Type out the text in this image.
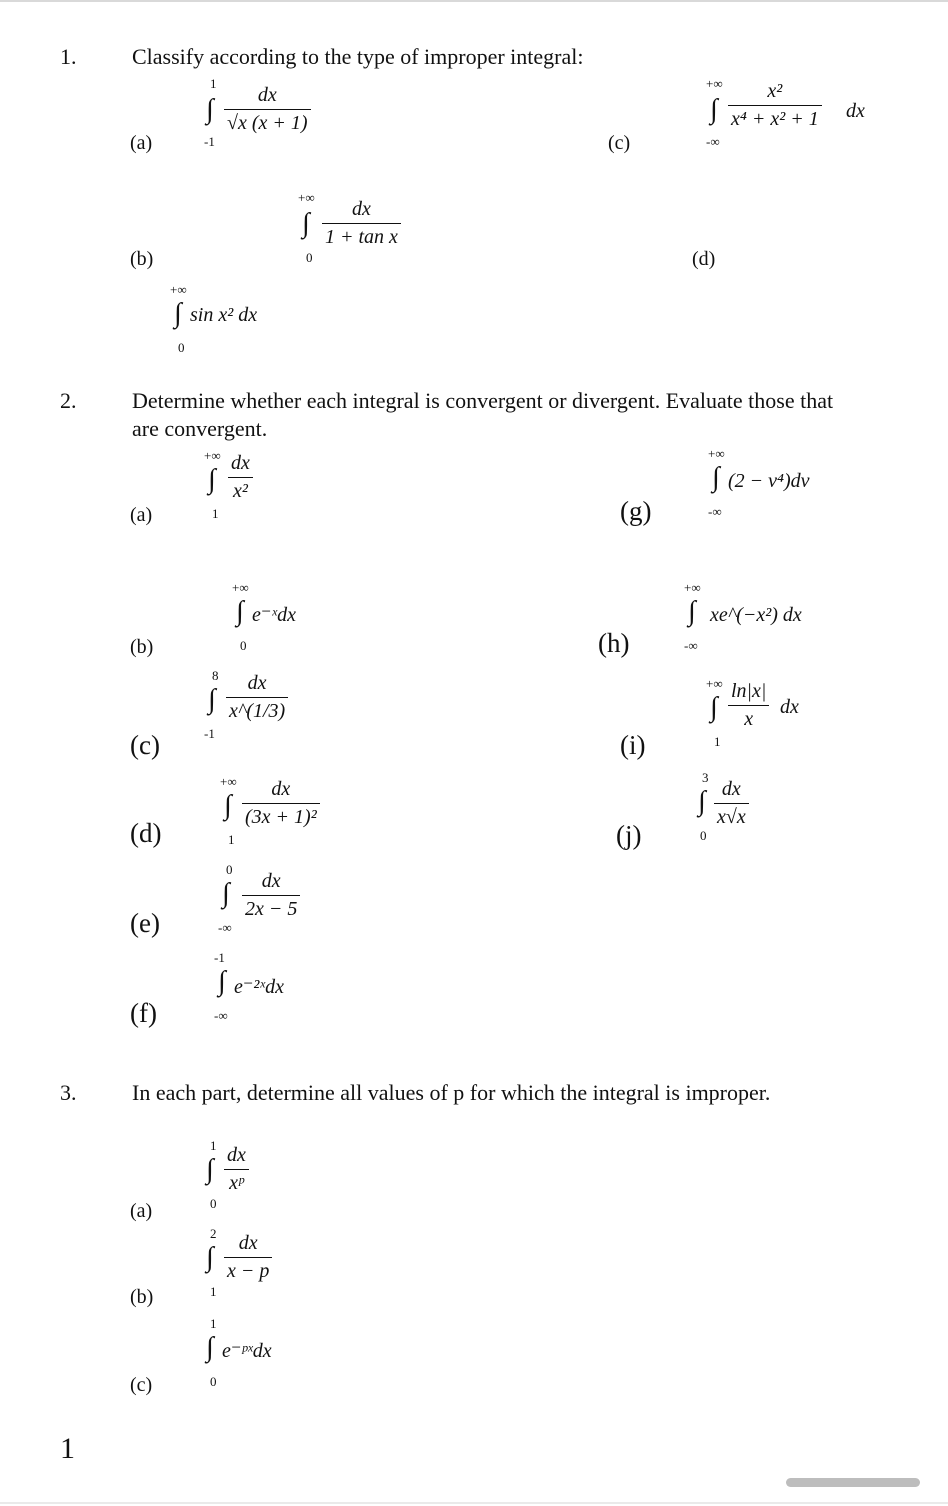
1.	Classify according to the type of improper integral:
(a)
1
∫
-1
$\frac{dx}{√x (x + 1)}$
(c)
+∞
∫
-∞
$\frac{\text{x²}}{\text{x⁴ + x² + 1}}$ dx
(b)
+∞
∫
0
$\frac{dx}{\text{1 + tan x}}$
(d)
+∞
∫
0
sin x² dx
2.	Determine whether each integral is convergent or divergent. Evaluate those that
are convergent.
(a)
+∞
∫
1
$\frac{dx}{\text{x²}}$
(g)
+∞
∫
-∞
(2 − v⁴)dv
(b)
+∞
∫
0
e⁻ˣdx
(h)
+∞
∫
-∞
xe^(−x²) dx
(c)
8
∫
-1
$\frac{dx}{x\^{}(1/3)}$
(i)
+∞
∫
1
$\frac{\ln|x|}{x}$ dx
(d)
+∞
∫
1
$\frac{dx}{\text{(3x + 1)²}}$
(j)
3
∫
0
$\frac{dx}{x√x}$
(e)
0
∫
-∞
$\frac{dx}{2x - 5}$
(f)
-1
∫
-∞
e⁻²ˣdx
3.	In each part, determine all values of p for which the integral is improper.
(a)
1
∫
0
$\frac{dx}{\text{xᵖ}}$
(b)
2
∫
1
$\frac{dx}{x - p}$
(c)
1
∫
0
e⁻ᵖˣdx
1
